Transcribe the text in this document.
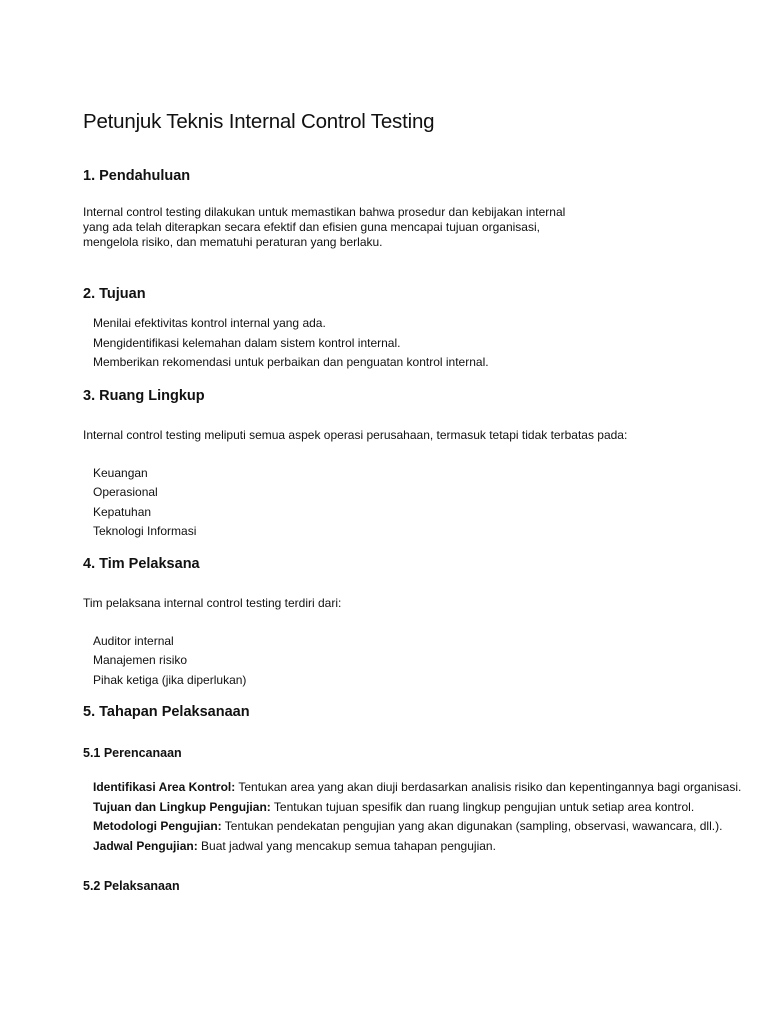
Petunjuk Teknis Internal Control Testing
1. Pendahuluan

Internal control testing dilakukan untuk memastikan bahwa prosedur dan kebijakan internal

yang ada telah diterapkan secara efektif dan efisien guna mencapai tujuan organisasi,

mengelola risiko, dan mematuhi peraturan yang berlaku.

2. Tujuan
Menilai efektivitas kontrol internal yang ada.
Mengidentifikasi kelemahan dalam sistem kontrol internal.
Memberikan rekomendasi untuk perbaikan dan penguatan kontrol internal.
3. Ruang Lingkup

Internal control testing meliputi semua aspek operasi perusahaan, termasuk tetapi tidak terbatas pada:

Keuangan
Operasional
Kepatuhan
Teknologi Informasi
4. Tim Pelaksana

Tim pelaksana internal control testing terdiri dari:

Auditor internal
Manajemen risiko
Pihak ketiga (jika diperlukan)
5. Tahapan Pelaksanaan
5.1 Perencanaan
Identifikasi Area Kontrol: Tentukan area yang akan diuji berdasarkan analisis risiko dan kepentingannya bagi organisasi.
Tujuan dan Lingkup Pengujian: Tentukan tujuan spesifik dan ruang lingkup pengujian untuk setiap area kontrol.
Metodologi Pengujian: Tentukan pendekatan pengujian yang akan digunakan (sampling, observasi, wawancara, dll.).
Jadwal Pengujian: Buat jadwal yang mencakup semua tahapan pengujian.
5.2 Pelaksanaan
